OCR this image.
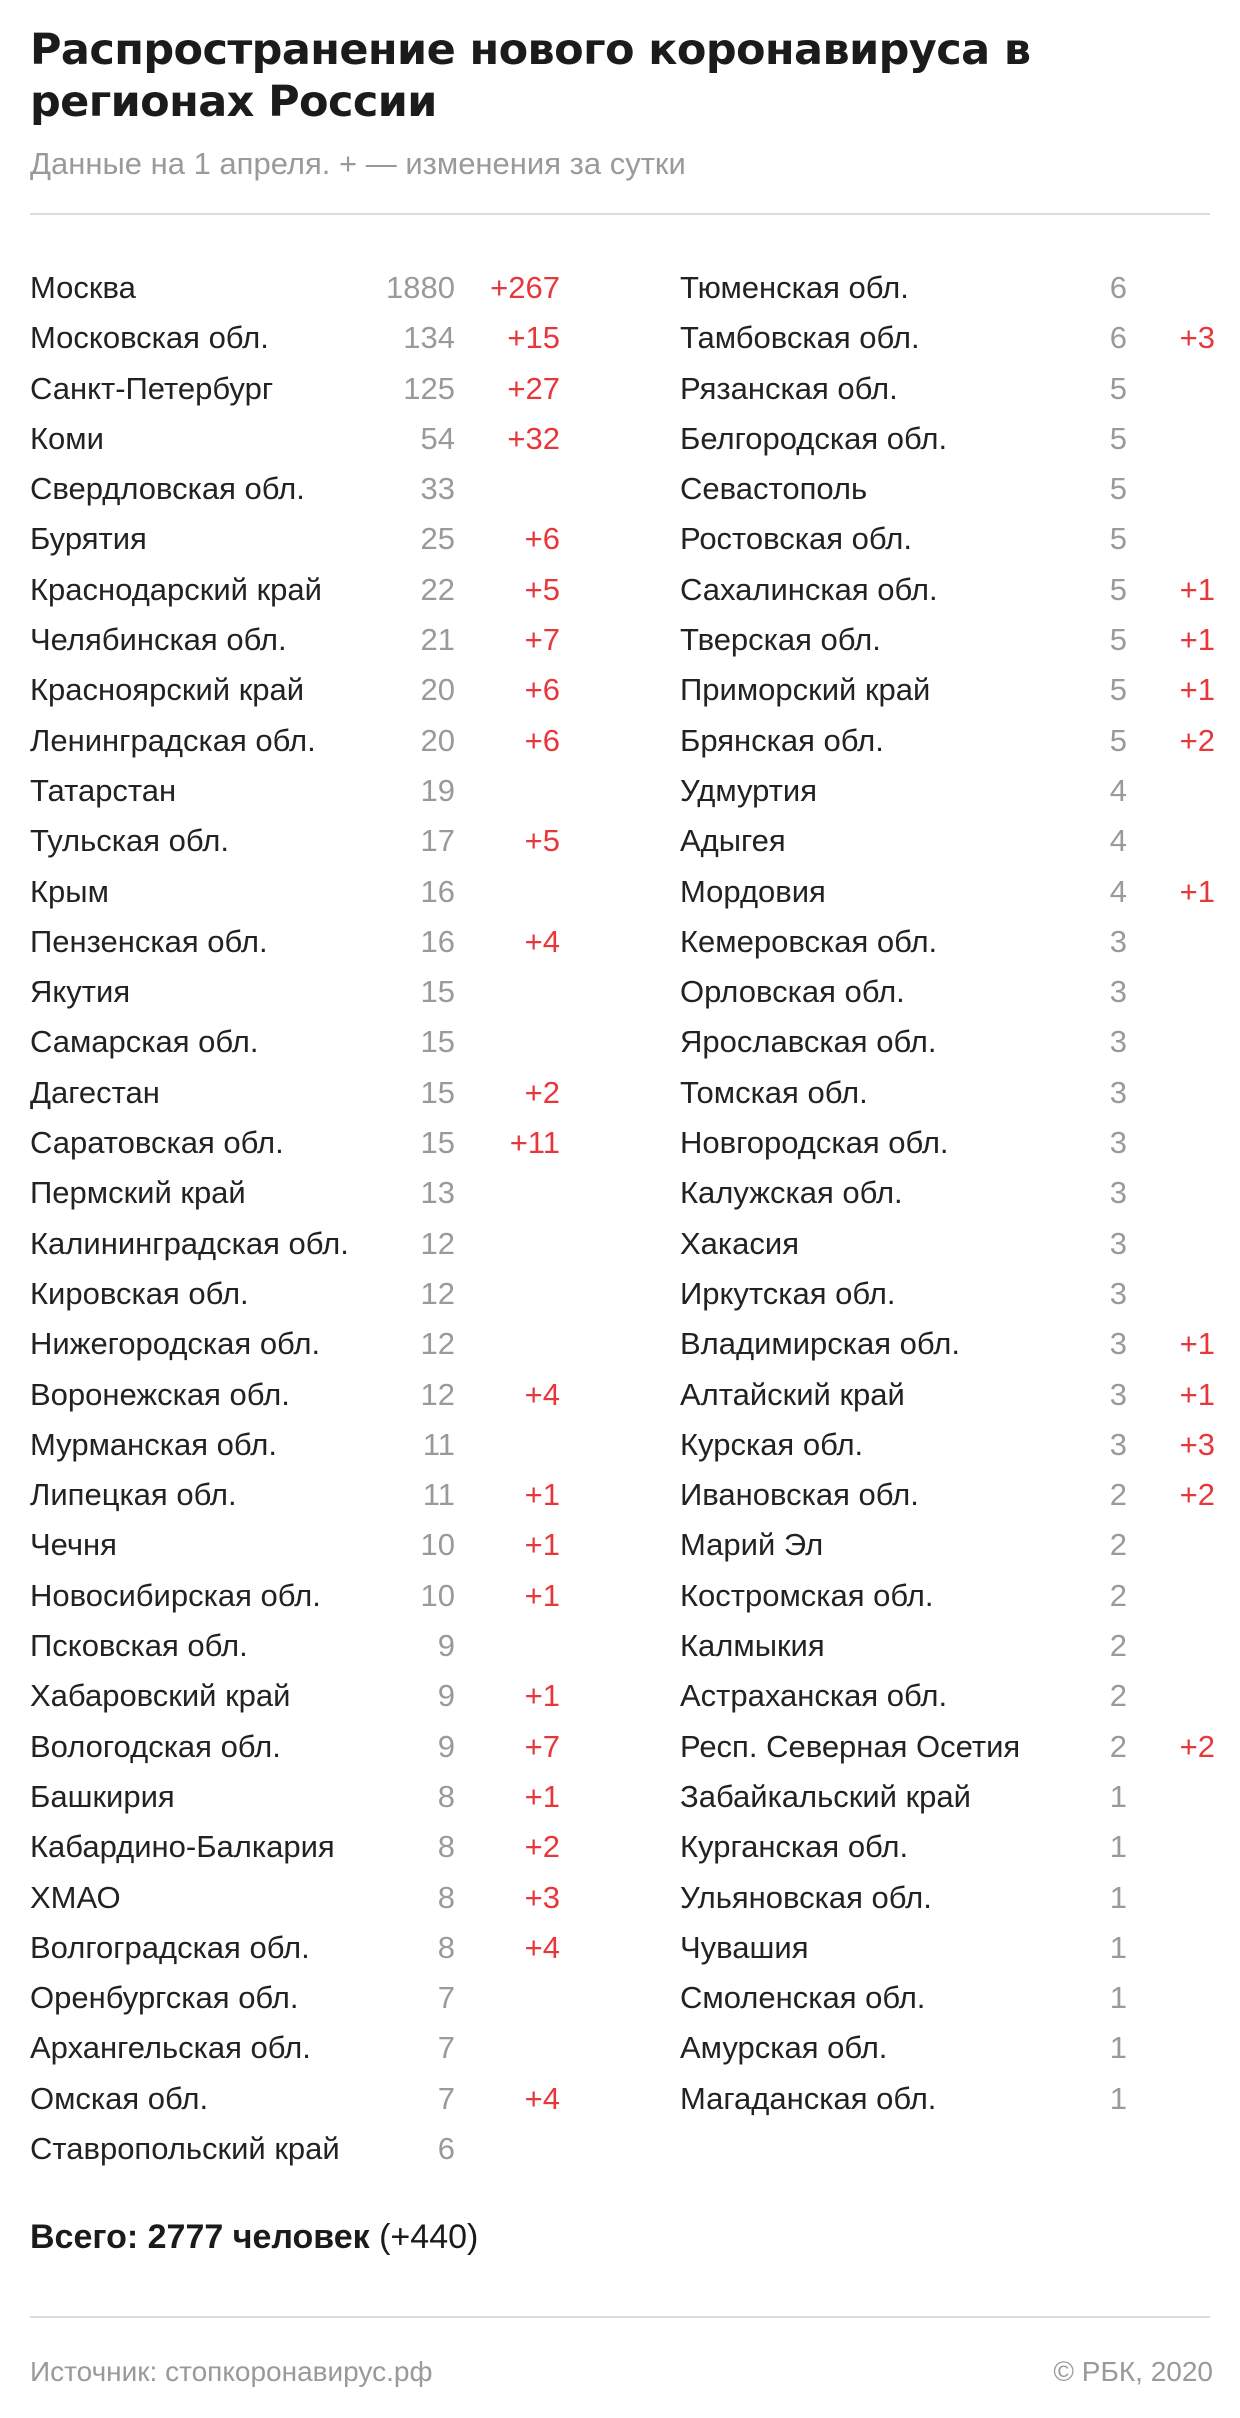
Распространение нового коронавируса в регионах России

Данные на 1 апреля. + — изменения за сутки

Москва	1880	+267
Московская обл.	134	+15
Санкт-Петербург	125	+27
Коми	54	+32
Свердловская обл.	33
Бурятия	25	+6
Краснодарский край	22	+5
Челябинская обл.	21	+7
Красноярский край	20	+6
Ленинградская обл.	20	+6
Татарстан	19
Тульская обл.	17	+5
Крым	16
Пензенская обл.	16	+4
Якутия	15
Самарская обл.	15
Дагестан	15	+2
Саратовская обл.	15	+11
Пермский край	13
Калининградская обл.	12
Кировская обл.	12
Нижегородская обл.	12
Воронежская обл.	12	+4
Мурманская обл.	11
Липецкая обл.	11	+1
Чечня	10	+1
Новосибирская обл.	10	+1
Псковская обл.	9
Хабаровский край	9	+1
Вологодская обл.	9	+7
Башкирия	8	+1
Кабардино-Балкария	8	+2
ХМАО	8	+3
Волгоградская обл.	8	+4
Оренбургская обл.	7
Архангельская обл.	7
Омская обл.	7	+4
Ставропольский край	6
Тюменская обл.	6
Тамбовская обл.	6	+3
Рязанская обл.	5
Белгородская обл.	5
Севастополь	5
Ростовская обл.	5
Сахалинская обл.	5	+1
Тверская обл.	5	+1
Приморский край	5	+1
Брянская обл.	5	+2
Удмуртия	4
Адыгея	4
Мордовия	4	+1
Кемеровская обл.	3
Орловская обл.	3
Ярославская обл.	3
Томская обл.	3
Новгородская обл.	3
Калужская обл.	3
Хакасия	3
Иркутская обл.	3
Владимирская обл.	3	+1
Алтайский край	3	+1
Курская обл.	3	+3
Ивановская обл.	2	+2
Марий Эл	2
Костромская обл.	2
Калмыкия	2
Астраханская обл.	2
Респ. Северная Осетия	2	+2
Забайкальский край	1
Курганская обл.	1
Ульяновская обл.	1
Чувашия	1
Смоленская обл.	1
Амурская обл.	1
Магаданская обл.	1

Всего: 2777 человек (+440)

Источник: стопкоронавирус.рф	© РБК, 2020
